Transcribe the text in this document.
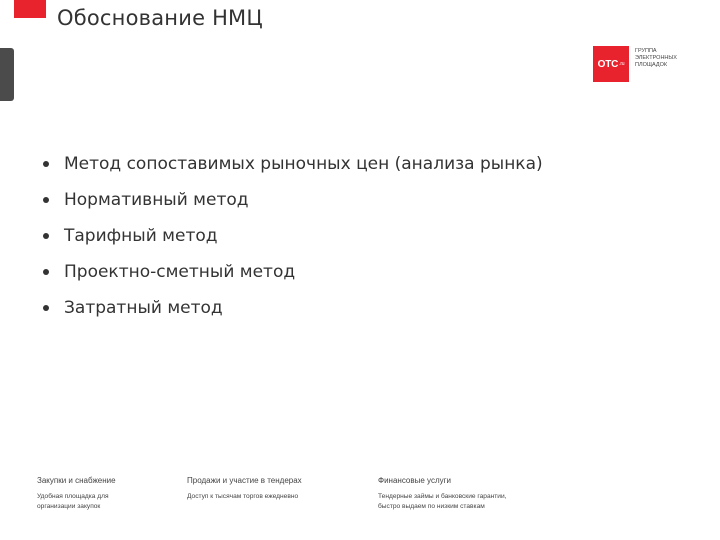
Обоснование НМЦ
OTC .ru
ГРУППА
ЭЛЕКТРОННЫХ
ПЛОЩАДОК
Метод сопоставимых рыночных цен (анализа рынка)
Нормативный метод
Тарифный метод
Проектно-сметный метод
Затратный метод
Закупки и снабжение
Удобная площадка для
организации закупок
Продажи и участие в тендерах
Доступ к тысячам торгов ежедневно
Финансовые услуги
Тендерные займы и банковские гарантии,
быстро выдаем по низким ставкам
